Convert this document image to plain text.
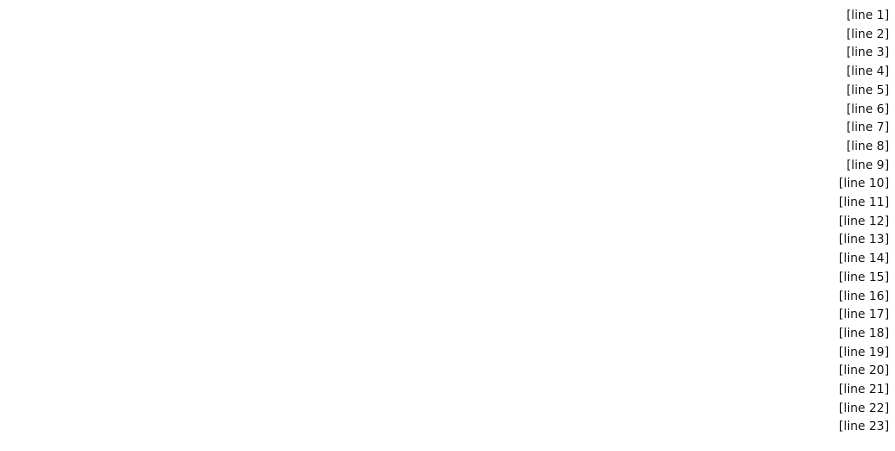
[line 1]
[line 2]
[line 3]
[line 4]
[line 5]
[line 6]
[line 7]
[line 8]
[line 9]
[line 10]
[line 11]
[line 12]
[line 13]
[line 14]
[line 15]
[line 16]
[line 17]
[line 18]
[line 19]
[line 20]
[line 21]
[line 22]
[line 23]
